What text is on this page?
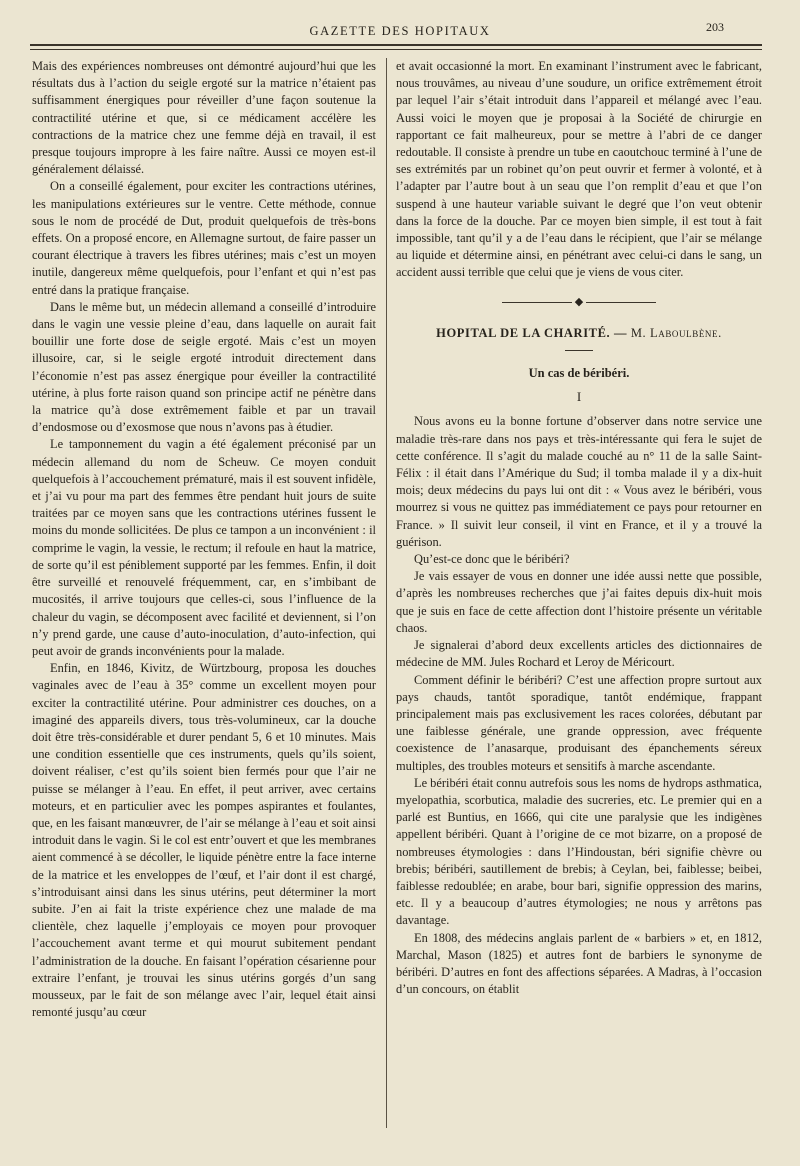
GAZETTE DES HOPITAUX	203

Mais des expériences nombreuses ont démontré aujourd’hui que les résultats dus à l’action du seigle ergoté sur la matrice n’étaient pas suffisamment énergiques pour réveiller d’une façon soutenue la contractilité utérine et que, si ce médicament accélère les contractions de la matrice chez une femme déjà en travail, il est presque toujours impropre à les faire naître. Aussi ce moyen est-il généralement délaissé.

On a conseillé également, pour exciter les contractions utérines, les manipulations extérieures sur le ventre. Cette méthode, connue sous le nom de procédé de Dut, produit quelquefois de très-bons effets. On a proposé encore, en Allemagne surtout, de faire passer un courant électrique à travers les fibres utérines; mais c’est un moyen inutile, dangereux même quelquefois, pour l’enfant et qui n’est pas entré dans la pratique française.

Dans le même but, un médecin allemand a conseillé d’introduire dans le vagin une vessie pleine d’eau, dans laquelle on aurait fait bouillir une forte dose de seigle ergoté. Mais c’est un moyen illusoire, car, si le seigle ergoté introduit directement dans l’économie n’est pas assez énergique pour éveiller la contractilité utérine, à plus forte raison quand son principe actif ne pénètre dans la matrice qu’à dose extrêmement faible et par un travail d’endosmose ou d’exosmose que nous n’avons pas à étudier.

Le tamponnement du vagin a été également préconisé par un médecin allemand du nom de Scheuw. Ce moyen conduit quelquefois à l’accouchement prématuré, mais il est souvent infidèle, et j’ai vu pour ma part des femmes être pendant huit jours de suite traitées par ce moyen sans que les contractions utérines fussent le moins du monde sollicitées. De plus ce tampon a un inconvénient : il comprime le vagin, la vessie, le rectum; il refoule en haut la matrice, de sorte qu’il est péniblement supporté par les femmes. Enfin, il doit être surveillé et renouvelé fréquemment, car, en s’imbibant de mucosités, il arrive toujours que celles-ci, sous l’influence de la chaleur du vagin, se décomposent avec facilité et deviennent, si l’on n’y prend garde, une cause d’auto-inoculation, d’auto-infection, qui peut avoir de grands inconvénients pour la malade.

Enfin, en 1846, Kivitz, de Würtzbourg, proposa les douches vaginales avec de l’eau à 35° comme un excellent moyen pour exciter la contractilité utérine. Pour administrer ces douches, on a imaginé des appareils divers, tous très-volumineux, car la douche doit être très-considérable et durer pendant 5, 6 et 10 minutes. Mais une condition essentielle que ces instruments, quels qu’ils soient, doivent réaliser, c’est qu’ils soient bien fermés pour que l’air ne puisse se mélanger à l’eau. En effet, il peut arriver, avec certains moteurs, et en particulier avec les pompes aspirantes et foulantes, que, en les faisant manœuvrer, de l’air se mélange à l’eau et soit ainsi introduit dans le vagin. Si le col est entr’ouvert et que les membranes aient commencé à se décoller, le liquide pénètre entre la face interne de la matrice et les enveloppes de l’œuf, et l’air dont il est chargé, s’introduisant ainsi dans les sinus utérins, peut déterminer la mort subite. J’en ai fait la triste expérience chez une malade de ma clientèle, chez laquelle j’employais ce moyen pour provoquer l’accouchement avant terme et qui mourut subitement pendant l’administration de la douche. En faisant l’opération césarienne pour extraire l’enfant, je trouvai les sinus utérins gorgés d’un sang mousseux, par le fait de son mélange avec l’air, lequel était ainsi remonté jusqu’au cœur

et avait occasionné la mort. En examinant l’instrument avec le fabricant, nous trouvâmes, au niveau d’une soudure, un orifice extrêmement étroit par lequel l’air s’était introduit dans l’appareil et mélangé avec l’eau. Aussi voici le moyen que je proposai à la Société de chirurgie en rapportant ce fait malheureux, pour se mettre à l’abri de ce danger redoutable. Il consiste à prendre un tube en caoutchouc terminé à l’une de ses extrémités par un robinet qu’on peut ouvrir et fermer à volonté, et à l’adapter par l’autre bout à un seau que l’on remplit d’eau et que l’on suspend à une hauteur variable suivant le degré que l’on veut obtenir dans la force de la douche. Par ce moyen bien simple, il est tout à fait impossible, tant qu’il y a de l’eau dans le récipient, que l’air se mélange au liquide et détermine ainsi, en pénétrant avec celui-ci dans le sang, un accident aussi terrible que celui que je viens de vous citer.

◆
HOPITAL DE LA CHARITÉ. — M. Laboulbène.
Un cas de béribéri.
I

Nous avons eu la bonne fortune d’observer dans notre service une maladie très-rare dans nos pays et très-intéressante qui fera le sujet de cette conférence. Il s’agit du malade couché au n° 11 de la salle Saint-Félix : il était dans l’Amérique du Sud; il tomba malade il y a dix-huit mois; deux médecins du pays lui ont dit : « Vous avez le béribéri, vous mourrez si vous ne quittez pas immédiatement ce pays pour retourner en France. » Il suivit leur conseil, il vint en France, et il y a trouvé la guérison.

Qu’est-ce donc que le béribéri?

Je vais essayer de vous en donner une idée aussi nette que possible, d’après les nombreuses recherches que j’ai faites depuis dix-huit mois que je suis en face de cette affection dont l’histoire présente un véritable chaos.

Je signalerai d’abord deux excellents articles des dictionnaires de médecine de MM. Jules Rochard et Leroy de Méricourt.

Comment définir le béribéri? C’est une affection propre surtout aux pays chauds, tantôt sporadique, tantôt endémique, frappant principalement mais pas exclusivement les races colorées, débutant par une faiblesse générale, une grande oppression, avec fréquente coexistence de l’anasarque, produisant des épanchements séreux multiples, des troubles moteurs et sensitifs à marche ascendante.

Le béribéri était connu autrefois sous les noms de hydrops asthmatica, myelopathia, scorbutica, maladie des sucreries, etc. Le premier qui en a parlé est Buntius, en 1666, qui cite une paralysie que les indigènes appellent béribéri. Quant à l’origine de ce mot bizarre, on a proposé de nombreuses étymologies : dans l’Hindoustan, béri signifie chèvre ou brebis; béribéri, sautillement de brebis; à Ceylan, bei, faiblesse; beibei, faiblesse redoublée; en arabe, bour bari, signifie oppression des marins, etc. Il y a beaucoup d’autres étymologies; ne nous y arrêtons pas davantage.

En 1808, des médecins anglais parlent de « barbiers » et, en 1812, Marchal, Mason (1825) et autres font de barbiers le synonyme de béribéri. D’autres en font des affections séparées. A Madras, à l’occasion d’un concours, on établit
